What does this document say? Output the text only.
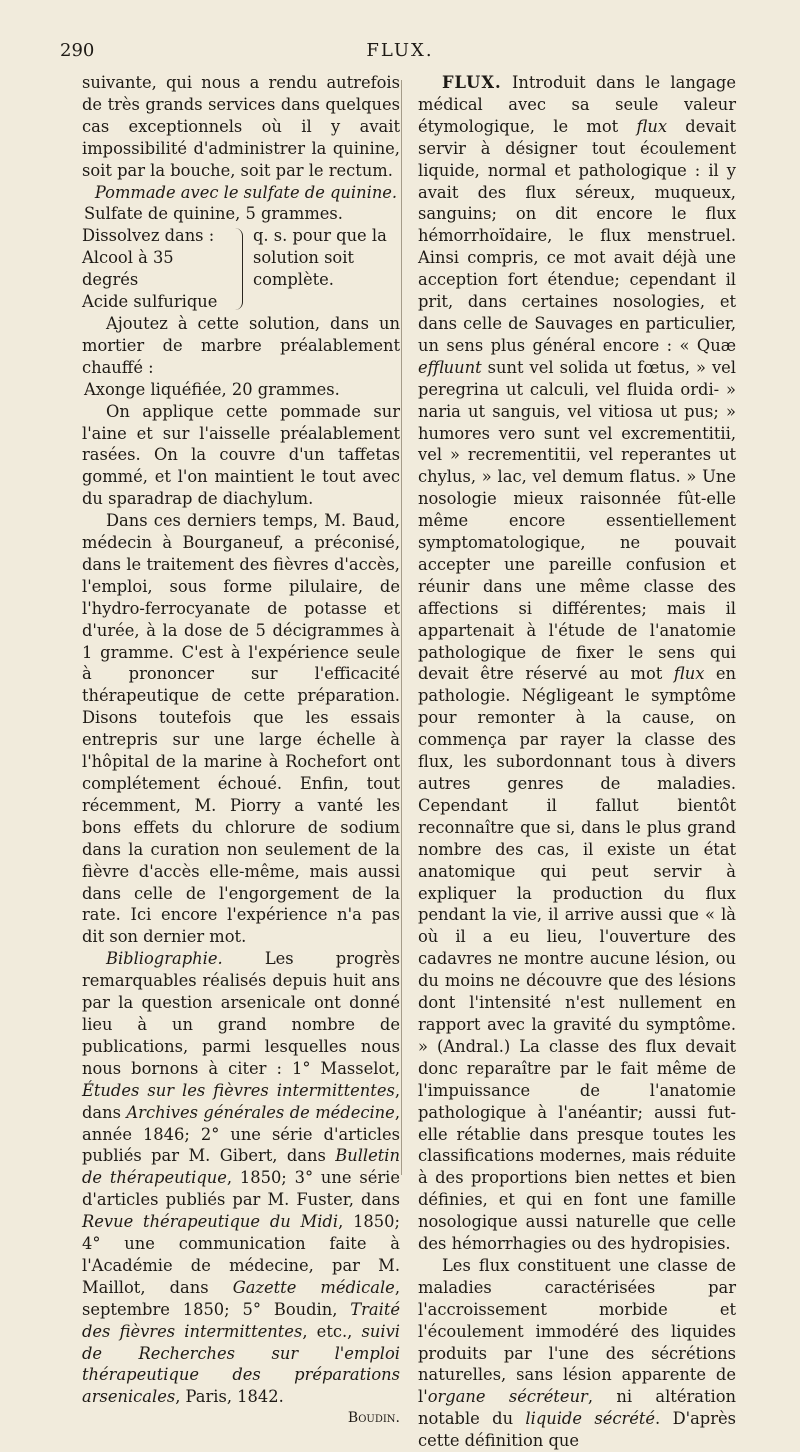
290	FLUX.

suivante, qui nous a rendu autrefois de très grands services dans quelques cas exceptionnels où il y avait impossibilité d'administrer la quinine, soit par la bouche, soit par le rectum.

Pommade avec le sulfate de quinine.

Sulfate de quinine, 5 grammes.

Dissolvez dans :
Alcool à 35 degrés
Acide sulfurique
q. s. pour que la solution soit complète.

Ajoutez à cette solution, dans un mortier de marbre préalablement chauffé :

Axonge liquéfiée, 20 grammes.

On applique cette pommade sur l'aine et sur l'aisselle préalablement rasées. On la couvre d'un taffetas gommé, et l'on maintient le tout avec du sparadrap de diachylum.

Dans ces derniers temps, M. Baud, médecin à Bourganeuf, a préconisé, dans le traitement des fièvres d'accès, l'emploi, sous forme pilulaire, de l'hydro-ferrocyanate de potasse et d'urée, à la dose de 5 décigrammes à 1 gramme. C'est à l'expérience seule à prononcer sur l'efficacité thérapeutique de cette préparation. Disons toutefois que les essais entrepris sur une large échelle à l'hôpital de la marine à Rochefort ont complétement échoué. Enfin, tout récemment, M. Piorry a vanté les bons effets du chlorure de sodium dans la curation non seulement de la fièvre d'accès elle-même, mais aussi dans celle de l'engorgement de la rate. Ici encore l'expérience n'a pas dit son dernier mot.

Bibliographie. Les progrès remarquables réalisés depuis huit ans par la question arsenicale ont donné lieu à un grand nombre de publications, parmi lesquelles nous nous bornons à citer : 1° Masselot, Études sur les fièvres intermittentes, dans Archives générales de médecine, année 1846; 2° une série d'articles publiés par M. Gibert, dans Bulletin de thérapeutique, 1850; 3° une série d'articles publiés par M. Fuster, dans Revue thérapeutique du Midi, 1850; 4° une communication faite à l'Académie de médecine, par M. Maillot, dans Gazette médicale, septembre 1850; 5° Boudin, Traité des fièvres intermittentes, etc., suivi de Recherches sur l'emploi thérapeutique des préparations arsenicales, Paris, 1842.

Boudin.

FLUX. Introduit dans le langage médical avec sa seule valeur étymologique, le mot flux devait servir à désigner tout écoulement liquide, normal et pathologique : il y avait des flux séreux, muqueux, sanguins; on dit encore le flux hémorrhoïdaire, le flux menstruel. Ainsi compris, ce mot avait déjà une acception fort étendue; cependant il prit, dans certaines nosologies, et dans celle de Sauvages en particulier, un sens plus général encore : « Quæ effluunt sunt vel solida ut fœtus, » vel peregrina ut calculi, vel fluida ordi- » naria ut sanguis, vel vitiosa ut pus; » humores vero sunt vel excrementitii, vel » recrementitii, vel reperantes ut chylus, » lac, vel demum flatus. » Une nosologie mieux raisonnée fût-elle même encore essentiellement symptomatologique, ne pouvait accepter une pareille confusion et réunir dans une même classe des affections si différentes; mais il appartenait à l'étude de l'anatomie pathologique de fixer le sens qui devait être réservé au mot flux en pathologie. Négligeant le symptôme pour remonter à la cause, on commença par rayer la classe des flux, les subordonnant tous à divers autres genres de maladies. Cependant il fallut bientôt reconnaître que si, dans le plus grand nombre des cas, il existe un état anatomique qui peut servir à expliquer la production du flux pendant la vie, il arrive aussi que « là où il a eu lieu, l'ouverture des cadavres ne montre aucune lésion, ou du moins ne découvre que des lésions dont l'intensité n'est nullement en rapport avec la gravité du symptôme. » (Andral.) La classe des flux devait donc reparaître par le fait même de l'impuissance de l'anatomie pathologique à l'anéantir; aussi fut-elle rétablie dans presque toutes les classifications modernes, mais réduite à des proportions bien nettes et bien définies, et qui en font une famille nosologique aussi naturelle que celle des hémorrhagies ou des hydropisies.

Les flux constituent une classe de maladies caractérisées par l'accroissement morbide et l'écoulement immodéré des liquides produits par l'une des sécrétions naturelles, sans lésion apparente de l'organe sécréteur, ni altération notable du liquide sécrété. D'après cette définition que
